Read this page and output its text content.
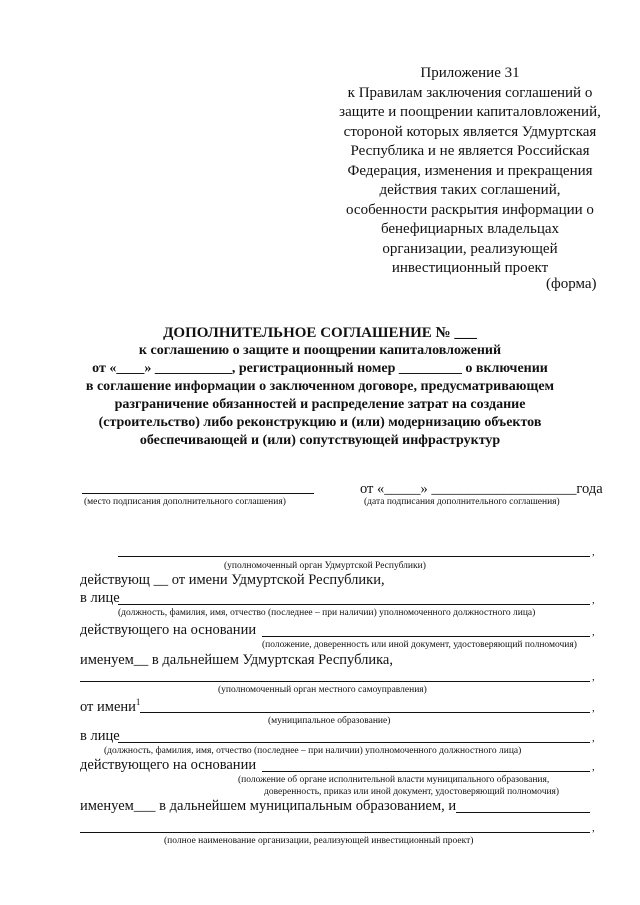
Приложение 31
к Правилам заключения соглашений о
защите и поощрении капиталовложений,
стороной которых является Удмуртская
Республика и не является Российская
Федерация, изменения и прекращения
действия таких соглашений,
особенности раскрытия информации о
бенефициарных владельцах
организации, реализующей
инвестиционный проект
(форма)
ДОПОЛНИТЕЛЬНОЕ СОГЛАШЕНИЕ № ___
к соглашению о защите и поощрении капиталовложений
от «____» ___________, регистрационный номер _________ о включении
в соглашение информации о заключенном договоре, предусматривающем
разграничение обязанностей и распределение затрат на создание
(строительство) либо реконструкцию и (или) модернизацию объектов
обеспечивающей и (или) сопутствующей инфраструктур
(место подписания дополнительного соглашения)
от «_____» ____________________года
(дата подписания дополнительного соглашения)
,
(уполномоченный орган Удмуртской Республики)
действующ __ от имени Удмуртской Республики,
в лице	,
(должность, фамилия, имя, отчество (последнее – при наличии) уполномоченного должностного лица)
действующего на основании	,
(положение, доверенность или иной документ, удостоверяющий полномочия)
именуем__ в дальнейшем Удмуртская Республика,
,
(уполномоченный орган местного самоуправления)
от имени$^1$	,
(муниципальное образование)
в лице	,
(должность, фамилия, имя, отчество (последнее – при наличии) уполномоченного должностного лица)
действующего на основании	,
(положение об органе исполнительной власти муниципального образования,
доверенность, приказ или иной документ, удостоверяющий полномочия)
именуем___ в дальнейшем муниципальным образованием, и
,
(полное наименование организации, реализующей инвестиционный проект)
